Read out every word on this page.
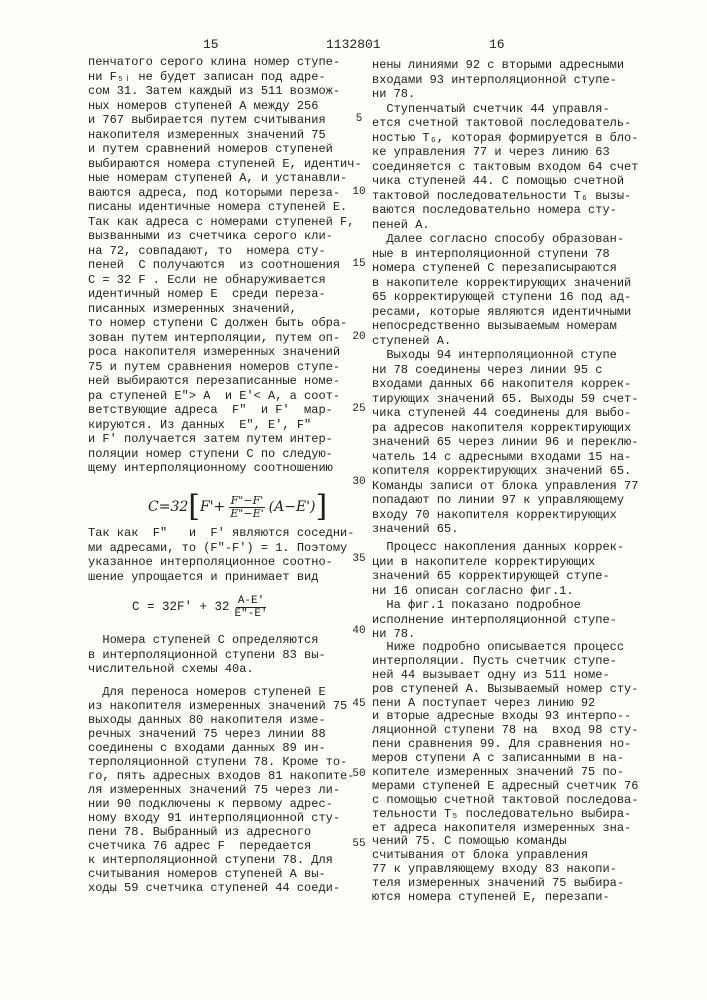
15	1132801	16
5
10
15
20
25
30
35
40
45
50
55
пенчатого серого клина номер ступе-
ни F₅ᵢ не будет записан под адре-
сом 31. Затем каждый из 511 возмож-
ных номеров ступеней А между 256
и 767 выбирается путем считывания
накопителя измеренных значений 75
и путем сравнений номеров ступеней
выбираются номера ступеней Е, идентич-
ные номерам ступеней А, и устанавли-
ваются адреса, под которыми переза-
писаны идентичные номера ступеней Е.
Так как адреса с номерами ступеней F,
вызванными из счетчика серого кли-
на 72, совпадают, то  номера сту-
пеней  С получаются  из соотношения
С = 32 F . Если не обнаруживается
идентичный номер Е  среди переза-
писанных измеренных значений,
то номер ступени С должен быть обра-
зован путем интерполяции, путем оп-
роса накопителя измеренных значений
75 и путем сравнения номеров ступе-
ней выбираются перезаписанные номе-
ра ступеней E"> A  и E'< A, а соот-
ветствующие адреса  F"  и F'  мар-
кируются. Из данных  E", E', F"
и F' получается затем путем интер-
поляции номер ступени С по следую-
щему интерполяционному соотношению
C=32 [ F'+ F"−F'
E"−E' (A−E') ]
Так как  F"   и  F' являются соседни-
ми адресами, то (F"-F') = 1. Поэтому
указанное интерполяционное соотно-
шение упрощается и принимает вид
C = 32F' + 32 A-E'
E"-E'
Номера ступеней С определяются
в интерполяционной ступени 83 вы-
числительной схемы 40а.
Для переноса номеров ступеней Е
из накопителя измеренных значений 75
выходы данных 80 накопителя изме-
речных значений 75 через линии 88
соединены с входами данных 89 ин-
терполяционной ступени 78. Кроме то-
го, пять адресных входов 81 накопите-
ля измеренных значений 75 через ли-
нии 90 подключены к первому адрес-
ному входу 91 интерполяционной сту-
пени 78. Выбранный из адресного
счетчика 76 адрес F  передается
к интерполяционной ступени 78. Для
считывания номеров ступеней А вы-
ходы 59 счетчика ступеней 44 соеди-
нены линиями 92 с вторыми адресными
входами 93 интерполяционной ступе-
ни 78.
Ступенчатый счетчик 44 управля-
ется счетной тактовой последователь-
ностью T₆, которая формируется в бло-
ке управления 77 и через линию 63
соединяется с тактовым входом 64 счет
чика ступеней 44. С помощью счетной
тактовой последовательности T₆ вызы-
ваются последовательно номера сту-
пеней А.
Далее согласно способу образован-
ные в интерполяционной ступени 78
номера ступеней С перезаписыраются
в накопителе корректирующих значений
65 корректирующей ступени 16 под ад-
ресами, которые являются идентичными
непосредственно вызываемым номерам
ступеней А.
Выходы 94 интерполяционной ступе
ни 78 соединены через линии 95 с
входами данных 66 накопителя коррек-
тирующих значений 65. Выходы 59 счет-
чика ступеней 44 соединены для выбо-
ра адресов накопителя корректирующих
значений 65 через линии 96 и переклю-
чатель 14 с адресными входами 15 на-
копителя корректирующих значений 65.
Команды записи от блока управления 77
попадают по линии 97 к управляющему
входу 70 накопителя корректирующих
значений 65.
Процесс накопления данных коррек-
ции в накопителе корректирующих
значений 65 корректирующей ступе-
ни 16 описан согласно фиг.1.
На фиг.1 показано подробное
исполнение интерполяционной ступе-
ни 78.
Ниже подробно описывается процесс
интерполяции. Пусть счетчик ступе-
ней 44 вызывает одну из 511 номе-
ров ступеней А. Вызываемый номер сту-
пени А поступает через линию 92
и вторые адресные входы 93 интерпо--
ляционной ступени 78 на  вход 98 сту-
пени сравнения 99. Для сравнения но-
меров ступени А с записанными в на-
копителе измеренных значений 75 по-
мерами ступеней Е адресный счетчик 76
с помощью счетной тактовой последова-
тельности T₅ последовательно выбира-
ет адреса накопителя измеренных зна-
чений 75. С помощью команды
считывания от блока управления
77 к управляющему входу 83 накопи-
теля измеренных значений 75 выбира-
ются номера ступеней Е, перезапи-
